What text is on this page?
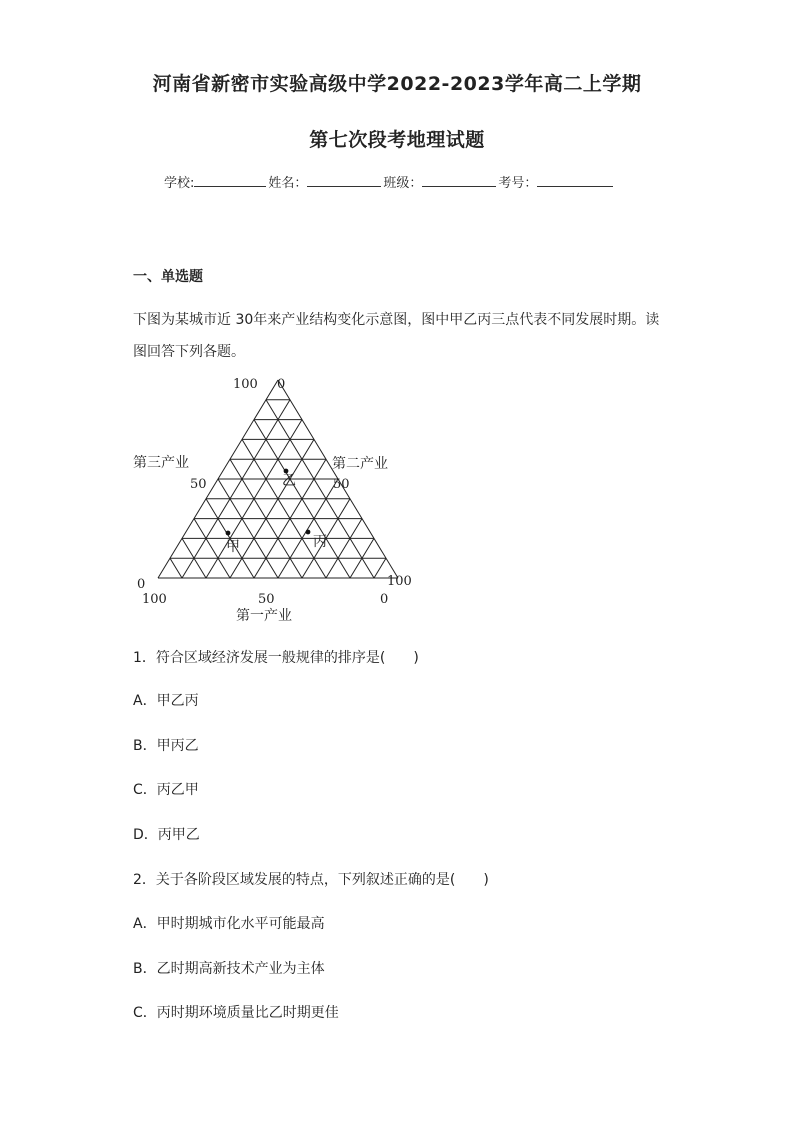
河南省新密市实验高级中学2022-2023学年高二上学期
第七次段考地理试题
学校:	姓名：	班级：	考号：
一、单选题
下图为某城市近 30年来产业结构变化示意图，图中甲乙丙三点代表不同发展时期。读图回答下列各题。
100 0
第三产业	第二产业
50	50
0	100
100	50	0
第一产业
甲
乙
丙
1．符合区域经济发展一般规律的排序是(　　)
A．甲乙丙
B．甲丙乙
C．丙乙甲
D．丙甲乙
2．关于各阶段区域发展的特点，下列叙述正确的是(　　)
A．甲时期城市化水平可能最高
B．乙时期高新技术产业为主体
C．丙时期环境质量比乙时期更佳
